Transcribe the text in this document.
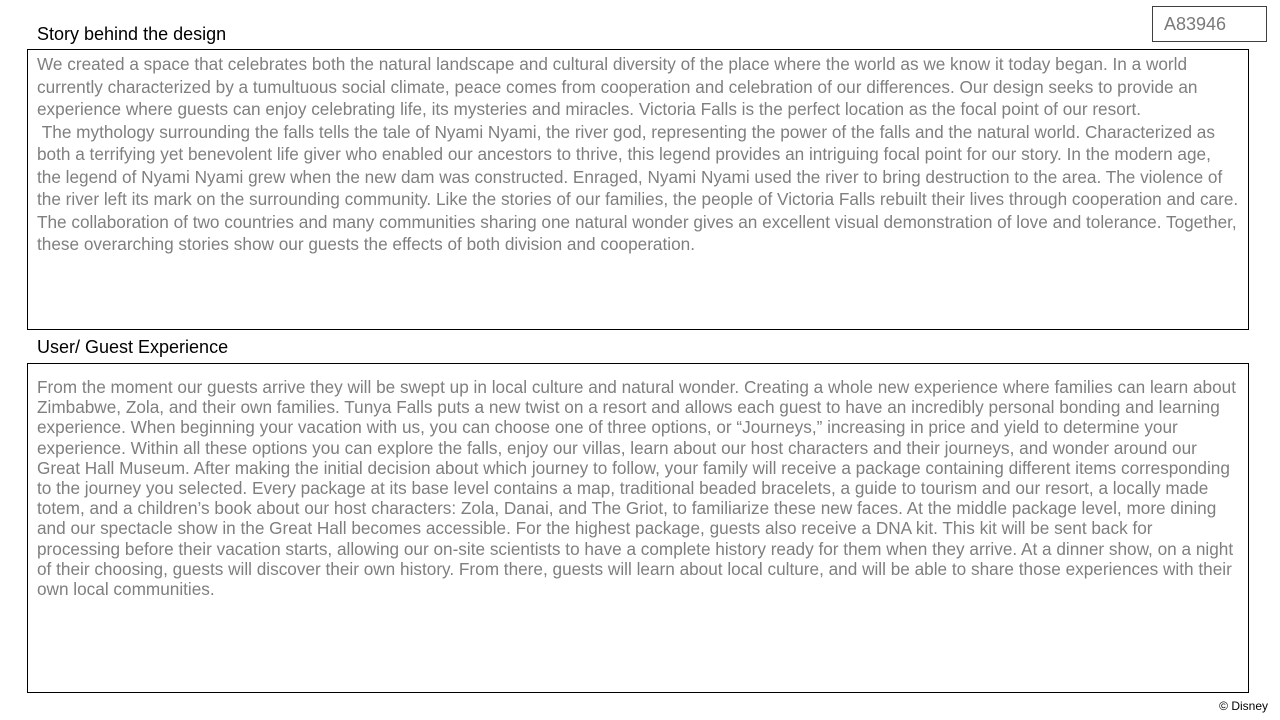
A83946
Story behind the design

We created a space that celebrates both the natural landscape and cultural diversity of the place where the world as we know it today began. In a world currently characterized by a tumultuous social climate, peace comes from cooperation and celebration of our differences. Our design seeks to provide an experience where guests can enjoy celebrating life, its mysteries and miracles. Victoria Falls is the perfect location as the focal point of our resort.

The mythology surrounding the falls tells the tale of Nyami Nyami, the river god, representing the power of the falls and the natural world. Characterized as both a terrifying yet benevolent life giver who enabled our ancestors to thrive, this legend provides an intriguing focal point for our story. In the modern age, the legend of Nyami Nyami grew when the new dam was constructed. Enraged, Nyami Nyami used the river to bring destruction to the area. The violence of the river left its mark on the surrounding community. Like the stories of our families, the people of Victoria Falls rebuilt their lives through cooperation and care.  The collaboration of two countries and many communities sharing one natural wonder gives an excellent visual demonstration of love and tolerance. Together, these overarching stories show our guests the effects of both division and cooperation.

User/ Guest Experience

From the moment our guests arrive they will be swept up in local culture and natural wonder. Creating a whole new experience where families can learn about Zimbabwe, Zola, and their own families. Tunya Falls puts a new twist on a resort and allows each guest to have an incredibly personal bonding and learning experience. When beginning your vacation with us, you can choose one of three options, or “Journeys,” increasing in price and yield to determine your experience. Within all these options you can explore the falls, enjoy our villas, learn about our host characters and their journeys, and wonder around our Great Hall Museum. After making the initial decision about which journey to follow, your family will receive a package containing different items corresponding to the journey you selected. Every package at its base level contains a map, traditional beaded bracelets, a guide to tourism and our resort, a locally made totem, and a children’s book about our host characters: Zola, Danai, and The Griot, to familiarize these new faces. At the middle package level, more dining and our spectacle show in the Great Hall becomes accessible. For the highest package, guests also receive a DNA kit. This kit will be sent back for processing before their vacation starts, allowing our on-site scientists to have a complete history ready for them when they arrive. At a dinner show, on a night of their choosing, guests will discover their own history. From there, guests will learn about local culture, and will be able to share those experiences with their own local communities.

© Disney
